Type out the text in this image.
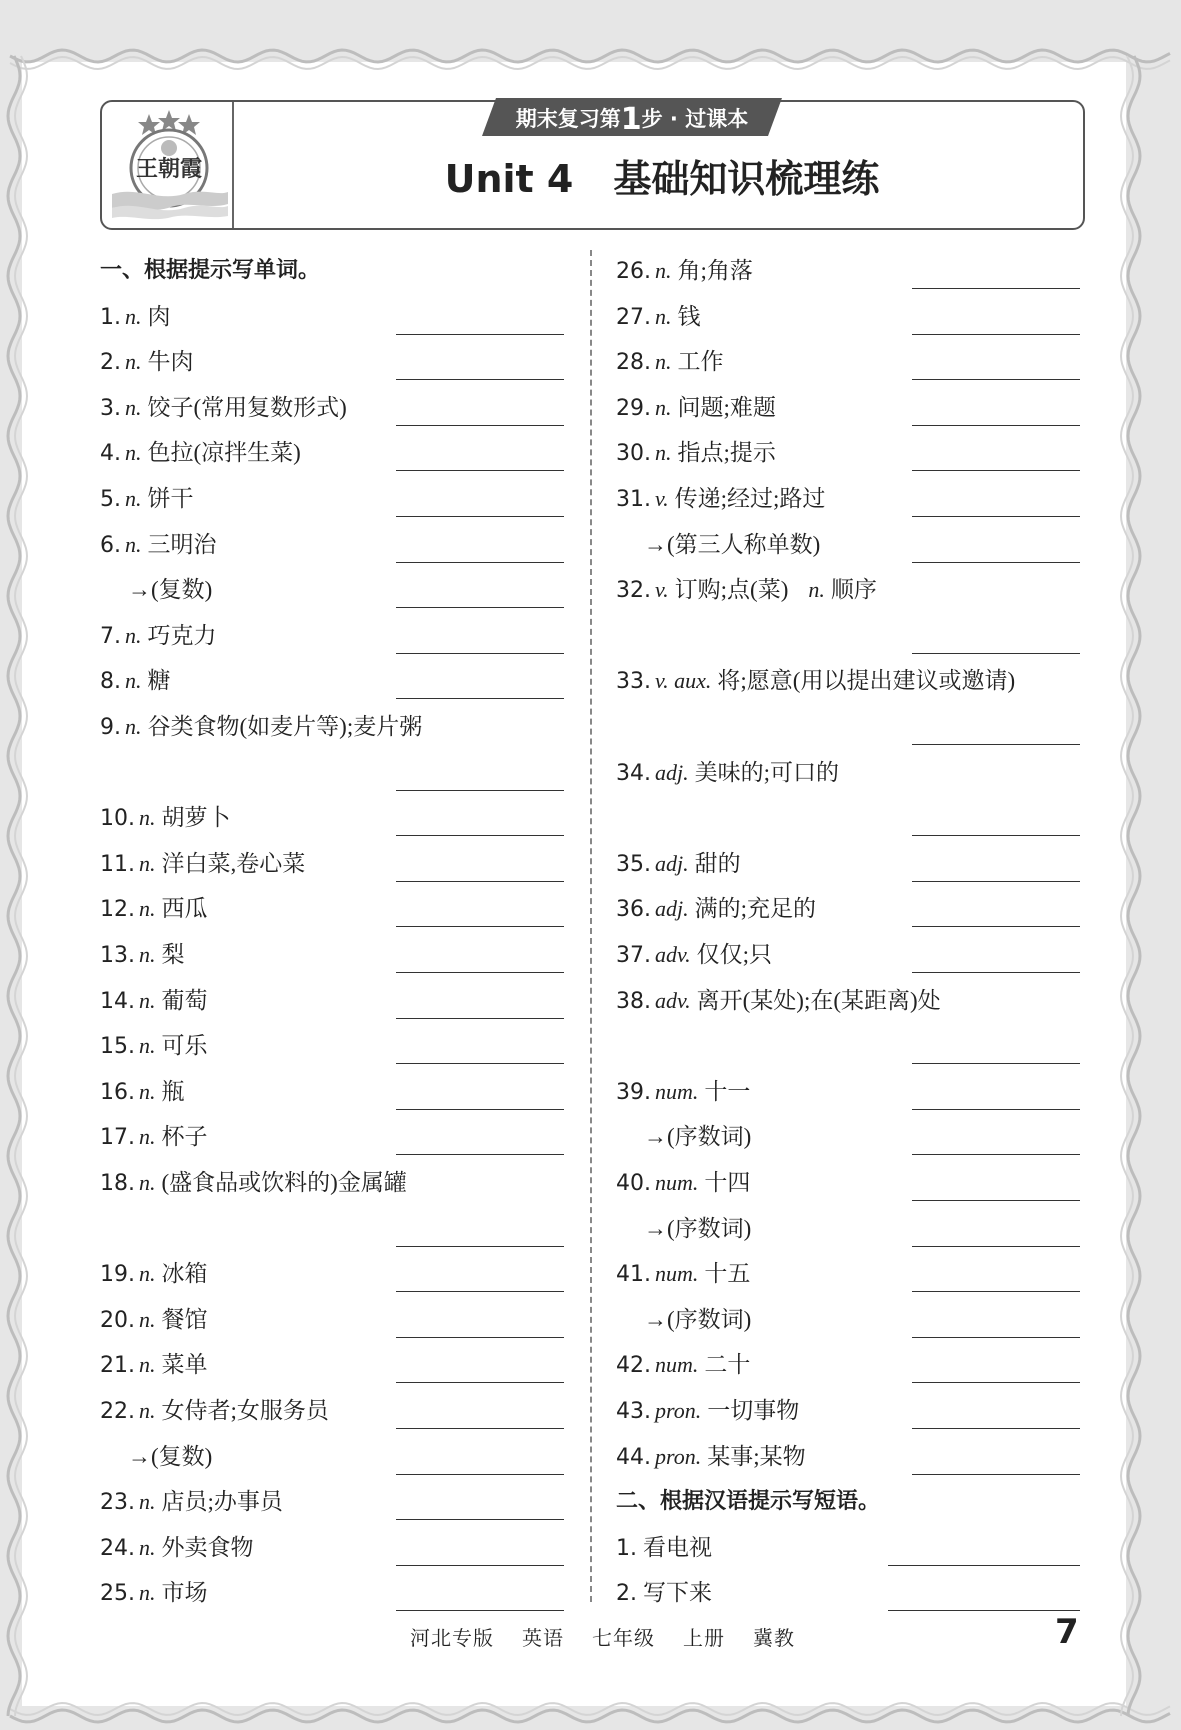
王朝霞
期末复习第1步 · 过课本
Unit 4 基础知识梳理练
一、根据提示写单词。
1. n. 肉
2. n. 牛肉
3. n. 饺子(常用复数形式)
4. n. 色拉(凉拌生菜)
5. n. 饼干
6. n. 三明治
→(复数)
7. n. 巧克力
8. n. 糖
9. n. 谷类食物(如麦片等);麦片粥
10. n. 胡萝卜
11. n. 洋白菜,卷心菜
12. n. 西瓜
13. n. 梨
14. n. 葡萄
15. n. 可乐
16. n. 瓶
17. n. 杯子
18. n. (盛食品或饮料的)金属罐
19. n. 冰箱
20. n. 餐馆
21. n. 菜单
22. n. 女侍者;女服务员
→(复数)
23. n. 店员;办事员
24. n. 外卖食物
25. n. 市场
26. n. 角;角落
27. n. 钱
28. n. 工作
29. n. 问题;难题
30. n. 指点;提示
31. v. 传递;经过;路过
→(第三人称单数)
32. v. 订购;点(菜) n. 顺序
33. v. aux. 将;愿意(用以提出建议或邀请)
34. adj. 美味的;可口的
35. adj. 甜的
36. adj. 满的;充足的
37. adv. 仅仅;只
38. adv. 离开(某处);在(某距离)处
39. num. 十一
→(序数词)
40. num. 十四
→(序数词)
41. num. 十五
→(序数词)
42. num. 二十
43. pron. 一切事物
44. pron. 某事;某物
二、根据汉语提示写短语。
1. 看电视
2. 写下来
河北专版 英语 七年级 上册 冀教	7
